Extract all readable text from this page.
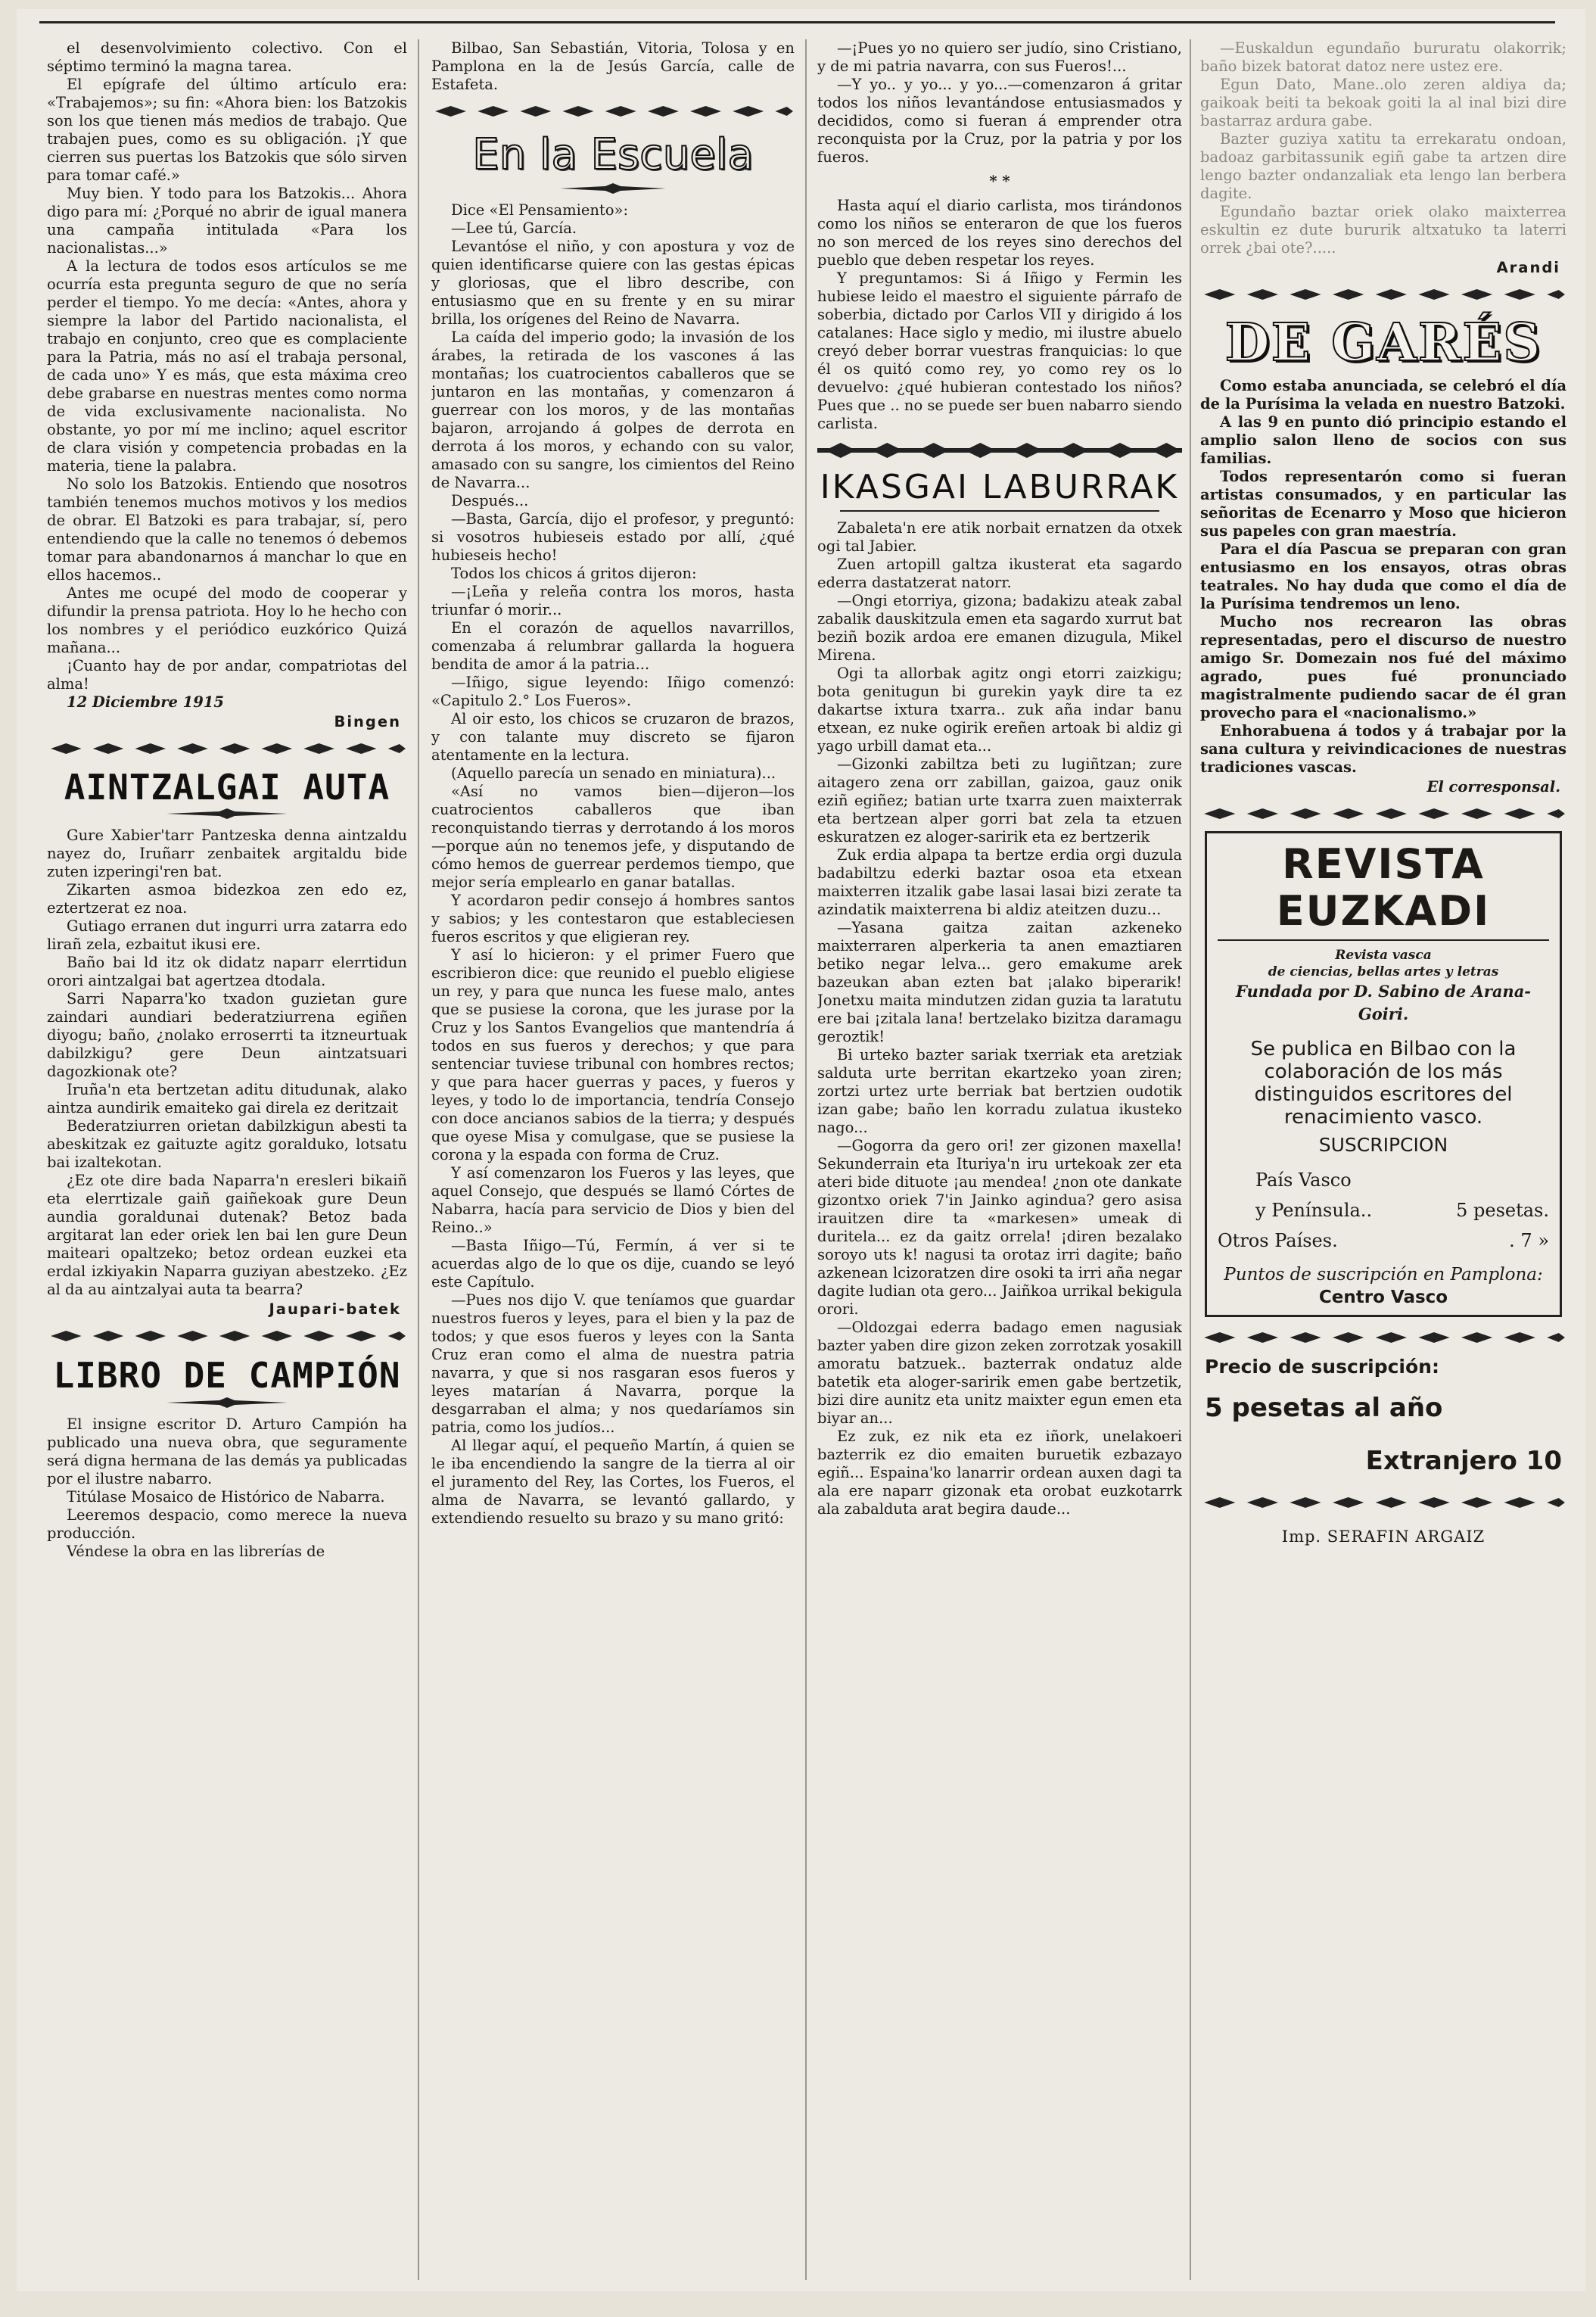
el desenvolvimiento colectivo. Con el séptimo terminó la magna tarea.

El epígrafe del último artículo era: «Trabajemos»; su fin: «Ahora bien: los Batzokis son los que tienen más medios de trabajo. Que trabajen pues, como es su obligación. ¡Y que cierren sus puertas los Batzokis que sólo sirven para tomar café.»

Muy bien. Y todo para los Batzokis... Ahora digo para mí: ¿Porqué no abrir de igual manera una campaña intitulada «Para los nacionalistas...»

A la lectura de todos esos artículos se me ocurría esta pregunta seguro de que no sería perder el tiempo. Yo me decía: «Antes, ahora y siempre la labor del Partido nacionalista, el trabajo en conjunto, creo que es complaciente para la Patria, más no así el trabaja personal, de cada uno» Y es más, que esta máxima creo debe grabarse en nuestras mentes como norma de vida exclusivamente nacionalista. No obstante, yo por mí me inclino; aquel escritor de clara visión y competencia probadas en la materia, tiene la palabra.

No solo los Batzokis. Entiendo que nosotros también tenemos muchos motivos y los medios de obrar. El Batzoki es para trabajar, sí, pero entendiendo que la calle no tenemos ó debemos tomar para abandonarnos á manchar lo que en ellos hacemos..

Antes me ocupé del modo de cooperar y difundir la prensa patriota. Hoy lo he hecho con los nombres y el periódico euzkórico Quizá mañana...

¡Cuanto hay de por andar, compatriotas del alma!

12 Diciembre 1915

Bingen
AINTZALGAI AUTA

Gure Xabier'tarr Pantzeska denna aintzaldu nayez do, Iruñarr zenbaitek argitaldu bide zuten izperingi'ren bat.

Zikarten asmoa bidezkoa zen edo ez, eztertzerat ez noa.

Gutiago erranen dut ingurri urra zatarra edo lirañ zela, ezbaitut ikusi ere.

Baño bai ld itz ok didatz naparr elerrtidun orori aintzalgai bat agertzea dtodala.

Sarri Naparra'ko txadon guzietan gure zaindari aundiari bederatziurrena egiñen diyogu; baño, ¿nolako erroserrti ta itzneurtuak dabilzkigu? gere Deun aintzatsuari dagozkionak ote?

Iruña'n eta bertzetan aditu ditudunak, alako aintza aundirik emaiteko gai direla ez deritzait

Bederatziurren orietan dabilzkigun abesti ta abeskitzak ez gaituzte agitz goralduko, lotsatu bai izaltekotan.

¿Ez ote dire bada Naparra'n eresleri bikaiñ eta elerrtizale gaiñ gaiñekoak gure Deun aundia goraldunai dutenak? Betoz bada argitarat lan eder oriek len bai len gure Deun maiteari opaltzeko; betoz ordean euzkei eta erdal izkiyakin Naparra guziyan abestzeko. ¿Ez al da au aintzalyai auta ta bearra?

Jaupari-batek
LIBRO DE CAMPIÓN

El insigne escritor D. Arturo Campión ha publicado una nueva obra, que seguramente será digna hermana de las demás ya publicadas por el ilustre nabarro.

Titúlase Mosaico de Histórico de Nabarra.

Leeremos despacio, como merece la nueva producción.

Véndese la obra en las librerías de

Bilbao, San Sebastián, Vitoria, Tolosa y en Pamplona en la de Jesús García, calle de Estafeta.

En la Escuela

Dice «El Pensamiento»:

—Lee tú, García.

Levantóse el niño, y con apostura y voz de quien identificarse quiere con las gestas épicas y gloriosas, que el libro describe, con entusiasmo que en su frente y en su mirar brilla, los orígenes del Reino de Navarra.

La caída del imperio godo; la invasión de los árabes, la retirada de los vascones á las montañas; los cuatrocientos caballeros que se juntaron en las montañas, y comenzaron á guerrear con los moros, y de las montañas bajaron, arrojando á golpes de derrota en derrota á los moros, y echando con su valor, amasado con su sangre, los cimientos del Reino de Navarra...

Después...

—Basta, García, dijo el profesor, y preguntó: si vosotros hubieseis estado por allí, ¿qué hubieseis hecho!

Todos los chicos á gritos dijeron:

—¡Leña y releña contra los moros, hasta triunfar ó morir...

En el corazón de aquellos navarrillos, comenzaba á relumbrar gallarda la hoguera bendita de amor á la patria...

—Iñigo, sigue leyendo: Iñigo comenzó: «Capitulo 2.° Los Fueros».

Al oir esto, los chicos se cruzaron de brazos, y con talante muy discreto se fijaron atentamente en la lectura.

(Aquello parecía un senado en miniatura)...

«Así no vamos bien—dijeron—los cuatrocientos caballeros que iban reconquistando tierras y derrotando á los moros—porque aún no tenemos jefe, y disputando de cómo hemos de guerrear perdemos tiempo, que mejor sería emplearlo en ganar batallas.

Y acordaron pedir consejo á hombres santos y sabios; y les contestaron que estableciesen fueros escritos y que eligieran rey.

Y así lo hicieron: y el primer Fuero que escribieron dice: que reunido el pueblo eligiese un rey, y para que nunca les fuese malo, antes que se pusiese la corona, que les jurase por la Cruz y los Santos Evangelios que mantendría á todos en sus fueros y derechos; y que para sentenciar tuviese tribunal con hombres rectos; y que para hacer guerras y paces, y fueros y leyes, y todo lo de importancia, tendría Consejo con doce ancianos sabios de la tierra; y después que oyese Misa y comulgase, que se pusiese la corona y la espada con forma de Cruz.

Y así comenzaron los Fueros y las leyes, que aquel Consejo, que después se llamó Córtes de Nabarra, hacía para servicio de Dios y bien del Reino..»

—Basta Iñigo—Tú, Fermín, á ver si te acuerdas algo de lo que os dije, cuando se leyó este Capítulo.

—Pues nos dijo V. que teníamos que guardar nuestros fueros y leyes, para el bien y la paz de todos; y que esos fueros y leyes con la Santa Cruz eran como el alma de nuestra patria navarra, y que si nos rasgaran esos fueros y leyes matarían á Navarra, porque la desgarraban el alma; y nos quedaríamos sin patria, como los judíos...

Al llegar aquí, el pequeño Martín, á quien se le iba encendiendo la sangre de la tierra al oir el juramento del Rey, las Cortes, los Fueros, el alma de Navarra, se levantó gallardo, y extendiendo resuelto su brazo y su mano gritó:

—¡Pues yo no quiero ser judío, sino Cristiano, y de mi patria navarra, con sus Fueros!...

—Y yo.. y yo... y yo...—comenzaron á gritar todos los niños levantándose entusiasmados y decididos, como si fueran á emprender otra reconquista por la Cruz, por la patria y por los fueros.

* *

Hasta aquí el diario carlista, mos tirándonos como los niños se enteraron de que los fueros no son merced de los reyes sino derechos del pueblo que deben respetar los reyes.

Y preguntamos: Si á Iñigo y Fermin les hubiese leido el maestro el siguiente párrafo de soberbia, dictado por Carlos VII y dirigido á los catalanes: Hace siglo y medio, mi ilustre abuelo creyó deber borrar vuestras franquicias: lo que él os quitó como rey, yo como rey os lo devuelvo: ¿qué hubieran contestado los niños? Pues que .. no se puede ser buen nabarro siendo carlista.

IKASGAI LABURRAK

Zabaleta'n ere atik norbait ernatzen da otxek ogi tal Jabier.

Zuen artopill galtza ikusterat eta sagardo ederra dastatzerat natorr.

—Ongi etorriya, gizona; badakizu ateak zabal zabalik dauskitzula emen eta sagardo xurrut bat beziñ bozik ardoa ere emanen dizugula, Mikel Mirena.

Ogi ta allorbak agitz ongi etorri zaizkigu; bota genitugun bi gurekin yayk dire ta ez dakartse ixtura txarra.. zuk aña indar banu etxean, ez nuke ogirik ereñen artoak bi aldiz gi yago urbill damat eta...

—Gizonki zabiltza beti zu lugiñtzan; zure aitagero zena orr zabillan, gaizoa, gauz onik eziñ egiñez; batian urte txarra zuen maixterrak eta bertzean alper gorri bat zela ta etzuen eskuratzen ez aloger-saririk eta ez bertzerik

Zuk erdia alpapa ta bertze erdia orgi duzula badabiltzu ederki baztar osoa eta etxean maixterren itzalik gabe lasai lasai bizi zerate ta azindatik maixterrena bi aldiz ateitzen duzu...

—Yasana gaitza zaitan azkeneko maixterraren alperkeria ta anen emaztiaren betiko negar lelva... gero emakume arek bazeukan aban ezten bat ¡alako biperarik! Jonetxu maita mindutzen zidan guzia ta laratutu ere bai ¡zitala lana! bertzelako bizitza daramagu geroztik!

Bi urteko bazter sariak txerriak eta aretziak salduta urte berritan ekartzeko yoan ziren; zortzi urtez urte berriak bat bertzien oudotik izan gabe; baño len korradu zulatua ikusteko nago...

—Gogorra da gero ori! zer gizonen maxella! Sekunderrain eta Ituriya'n iru urtekoak zer eta ateri bide dituote ¡au mendea! ¿non ote dankate gizontxo oriek 7'in Jainko agindua? gero asisa irauitzen dire ta «markesen» umeak di duritela... ez da gaitz orrela! ¡diren bezalako soroyo uts k! nagusi ta orotaz irri dagite; baño azkenean lcizoratzen dire osoki ta irri aña negar dagite ludian ota gero... Jaiñkoa urrikal bekigula orori.

—Oldozgai ederra badago emen nagusiak bazter yaben dire gizon zeken zorrotzak yosakill amoratu batzuek.. bazterrak ondatuz alde batetik eta aloger-saririk emen gabe bertzetik, bizi dire aunitz eta unitz maixter egun emen eta biyar an...

Ez zuk, ez nik eta ez iñork, unelakoeri bazterrik ez dio emaiten buruetik ezbazayo egiñ... Espaina'ko lanarrir ordean auxen dagi ta ala ere naparr gizonak eta orobat euzkotarrk ala zabalduta arat begira daude...

—Euskaldun egundaño bururatu olakorrik; baño bizek batorat datoz nere ustez ere.

Egun Dato, Mane..olo zeren aldiya da; gaikoak beiti ta bekoak goiti la al inal bizi dire bastarraz ardura gabe.

Bazter guziya xatitu ta errekaratu ondoan, badoaz garbitassunik egiñ gabe ta artzen dire lengo bazter ondanzaliak eta lengo lan berbera dagite.

Egundaño baztar oriek olako maixterrea eskultin ez dute bururik altxatuko ta laterri orrek ¿bai ote?.....

Arandi
DE GARÉS

Como estaba anunciada, se celebró el día de la Purísima la velada en nuestro Batzoki.

A las 9 en punto dió principio estando el amplio salon lleno de socios con sus familias.

Todos representarón como si fueran artistas consumados, y en particular las señoritas de Ecenarro y Moso que hicieron sus papeles con gran maestría.

Para el día Pascua se preparan con gran entusiasmo en los ensayos, otras obras teatrales. No hay duda que como el día de la Purísima tendremos un leno.

Mucho nos recrearon las obras representadas, pero el discurso de nuestro amigo Sr. Domezain nos fué del máximo agrado, pues fué pronunciado magistralmente pudiendo sacar de él gran provecho para el «nacionalismo.»

Enhorabuena á todos y á trabajar por la sana cultura y reivindicaciones de nuestras tradiciones vascas.

El corresponsal.
REVISTA EUZKADI
Revista vasca
de ciencias, bellas artes y letras
Fundada por D. Sabino de Arana-Goiri.
Se publica en Bilbao con la colaboración de los más distinguidos escritores del renacimiento vasco.
SUSCRIPCION
País Vasco
y Península..	5 pesetas.
Otros Países.	. 7 »
Puntos de suscripción en Pamplona: Centro Vasco
Precio de suscripción:
5 pesetas al año
Extranjero 10
Imp. SERAFIN ARGAIZ
